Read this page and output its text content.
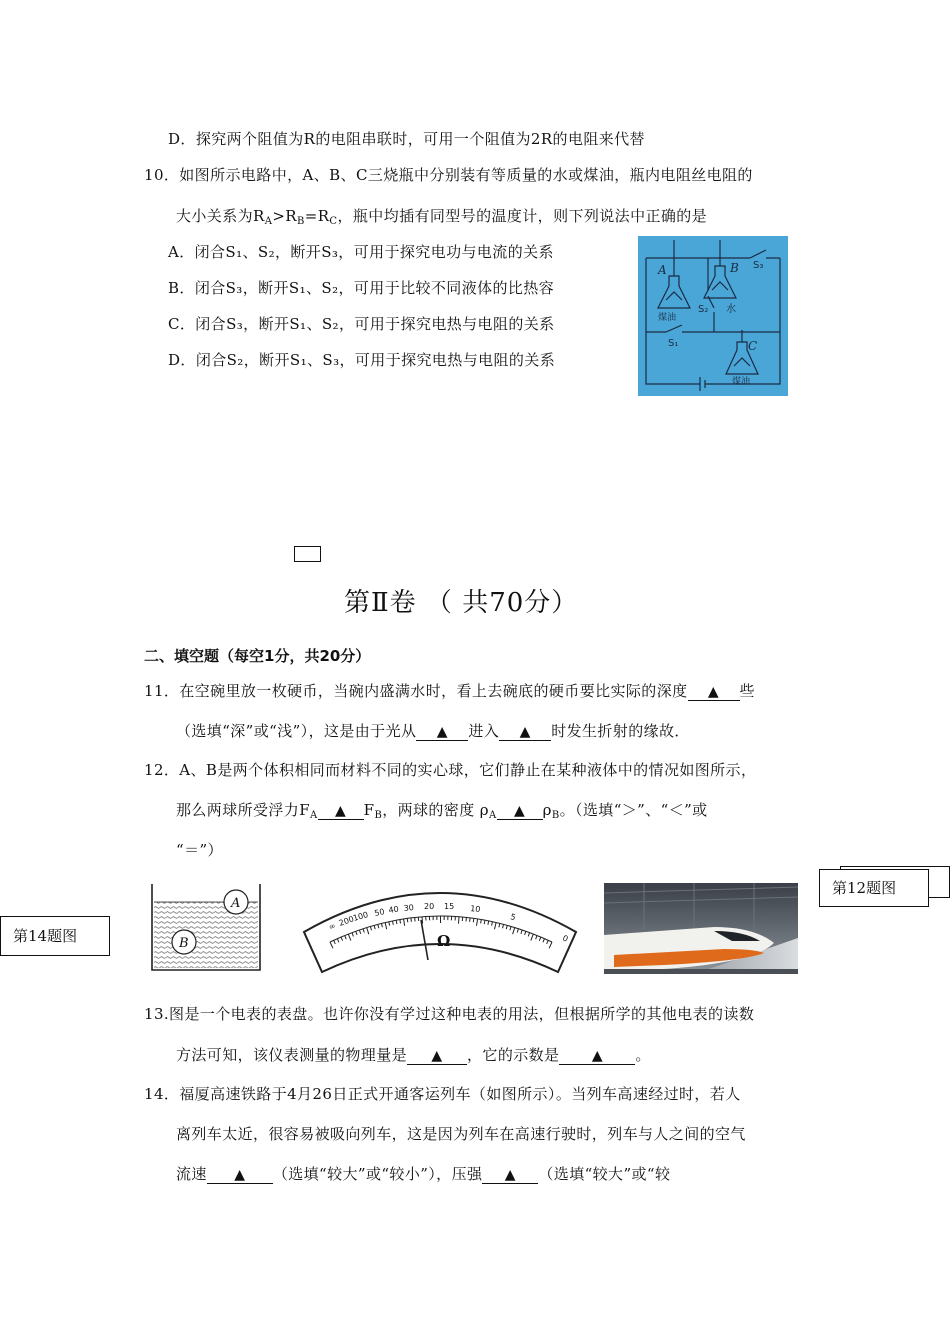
D．探究两个阻值为R的电阻串联时，可用一个阻值为2R的电阻来代替
10．如图所示电路中，A、B、C三烧瓶中分别装有等质量的水或煤油，瓶内电阻丝电阻的
大小关系为$R_A>R_B=R_C$，瓶中均插有同型号的温度计，则下列说法中正确的是
A．闭合S₁、S₂，断开S₃，可用于探究电功与电流的关系
B．闭合S₃，断开S₁、S₂，可用于比较不同液体的比热容
C．闭合S₃，断开S₁、S₂，可用于探究电热与电阻的关系
D．闭合S₂，断开S₁、S₃，可用于探究电热与电阻的关系
A	B
C
S₁
S₂
S₃
煤油
水
煤油
第Ⅱ卷 （ 共70分）
二、填空题（每空1分，共20分）
11．在空碗里放一枚硬币，当碗内盛满水时，看上去碗底的硬币要比实际的深度 ▲ 些
（选填“深”或“浅”），这是由于光从 ▲ 进入 ▲ 时发生折射的缘故．
12．A、B是两个体积相同而材料不同的实心球，它们静止在某种液体中的情况如图所示，
那么两球所受浮力$F_A$ ▲ $F_B$，两球的密度 $\rho_A$ ▲ $\rho_B$。（选填“＞”、“＜”或
“＝”）
A
B	Ω
∞ 200
100 50 40 30 20 15 10
5
0
第12题图
第14题图
13.图是一个电表的表盘。也许你没有学过这种电表的用法，但根据所学的其他电表的读数
方法可知，该仪表测量的物理量是 ▲ ，它的示数是 ▲ 。
14．福厦高速铁路于4月26日正式开通客运列车（如图所示）。当列车高速经过时，若人
离列车太近，很容易被吸向列车，这是因为列车在高速行驶时，列车与人之间的空气
流速 ▲ （选填“较大”或“较小”），压强 ▲ （选填“较大”或“较
